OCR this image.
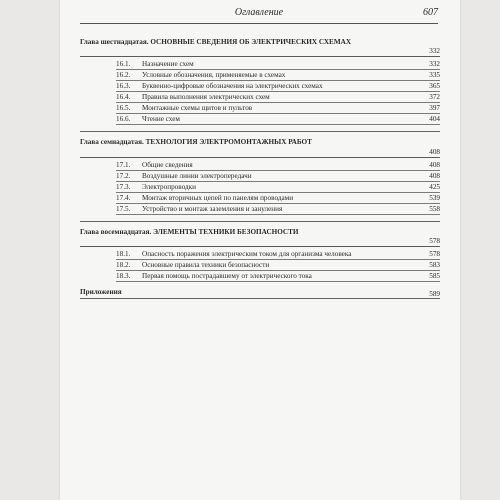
Оглавление	607
Глава шестнадцатая. ОСНОВНЫЕ СВЕДЕНИЯ ОБ ЭЛЕКТРИЧЕСКИХ СХЕМАХ
332
16.1. Назначение схем	332
16.2. Условные обозначения, применяемые в схемах	335
16.3. Буквенно-цифровые обозначения на электрических схемах	365
16.4. Правила выполнения электрических схем	372
16.5. Монтажные схемы щитов и пультов	397
16.6. Чтение схем	404
Глава семнадцатая. ТЕХНОЛОГИЯ ЭЛЕКТРОМОНТАЖНЫХ РАБОТ
408
17.1. Общие сведения	408
17.2. Воздушные линии электропередачи	408
17.3. Электропроводки	425
17.4. Монтаж вторичных цепей по панелям проводами	539
17.5. Устройство и монтаж заземления и зануления	558
Глава восемнадцатая. ЭЛЕМЕНТЫ ТЕХНИКИ БЕЗОПАСНОСТИ
578
18.1. Опасность поражения электрическим током для организма человека	578
18.2. Основные правила техники безопасности	583
18.3. Первая помощь пострадавшему от электрического тока	585
Приложения	589
